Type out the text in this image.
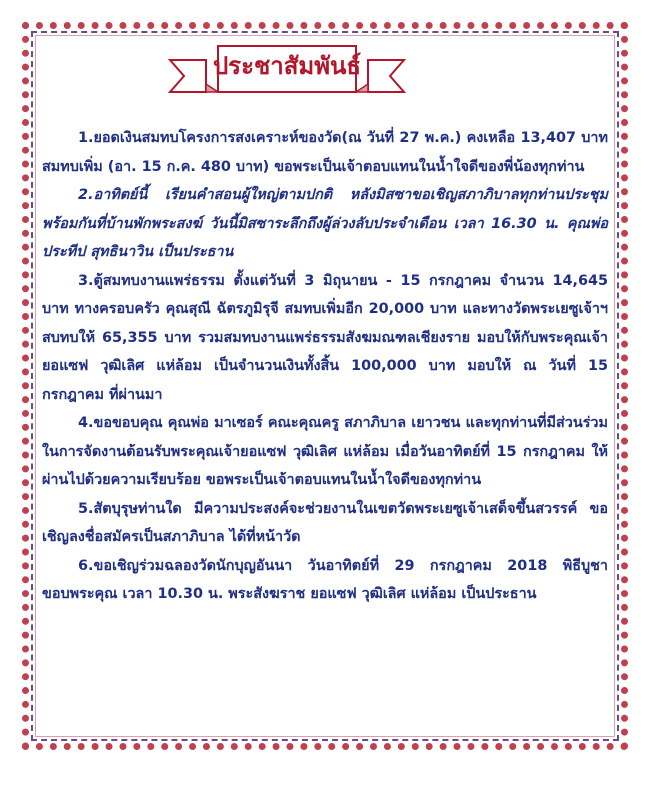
ประชาสัมพันธ์

1.ยอดเงินสมทบโครงการสงเคราะห์ของวัด(ณ วันที่ 27 พ.ค.) คงเหลือ 13,407 บาท สมทบเพิ่ม (อา. 15 ก.ค. 480 บาท) ขอพระเป็นเจ้าตอบแทนในน้ำใจดีของพี่น้องทุกท่าน

2.อาทิตย์นี้ เรียนคำสอนผู้ใหญ่ตามปกติ หลังมิสซาขอเชิญสภาภิบาลทุกท่านประชุมพร้อมกันที่บ้านพักพระสงฆ์ วันนี้มิสซาระลึกถึงผู้ล่วงลับประจำเดือน เวลา 16.30 น. คุณพ่อประทีป สุทธินาวิน เป็นประธาน

3.ตู้สมทบงานแพร่ธรรม ตั้งแต่วันที่ 3 มิถุนายน - 15 กรกฎาคม จำนวน 14,645 บาท ทางครอบครัว คุณสุณี ฉัตรภูมิรุจี สมทบเพิ่มอีก 20,000 บาท และทางวัดพระเยซูเจ้าฯ สบทบให้ 65,355 บาท รวมสมทบงานแพร่ธรรมสังฆมณฑลเชียงราย มอบให้กับพระคุณเจ้ายอแซฟ วุฒิเลิศ แห่ล้อม เป็นจำนวนเงินทั้งสิ้น 100,000 บาท มอบให้ ณ วันที่ 15 กรกฎาคม ที่ผ่านมา

4.ขอขอบคุณ คุณพ่อ มาเซอร์ คณะคุณครู สภาภิบาล เยาวชน และทุกท่านที่มีส่วนร่วมในการจัดงานต้อนรับพระคุณเจ้ายอแซฟ วุฒิเลิศ แห่ล้อม เมื่อวันอาทิตย์ที่ 15 กรกฎาคม ให้ผ่านไปด้วยความเรียบร้อย ขอพระเป็นเจ้าตอบแทนในน้ำใจดีของทุกท่าน

5.สัตบุรุษท่านใด มีความประสงค์จะช่วยงานในเขตวัดพระเยซูเจ้าเสด็จขึ้นสวรรค์ ขอเชิญลงชื่อสมัครเป็นสภาภิบาล ได้ที่หน้าวัด

6.ขอเชิญร่วมฉลองวัดนักบุญอันนา วันอาทิตย์ที่ 29 กรกฎาคม 2018 พิธีบูชาขอบพระคุณ เวลา 10.30 น. พระสังฆราช ยอแซฟ วุฒิเลิศ แห่ล้อม เป็นประธาน
